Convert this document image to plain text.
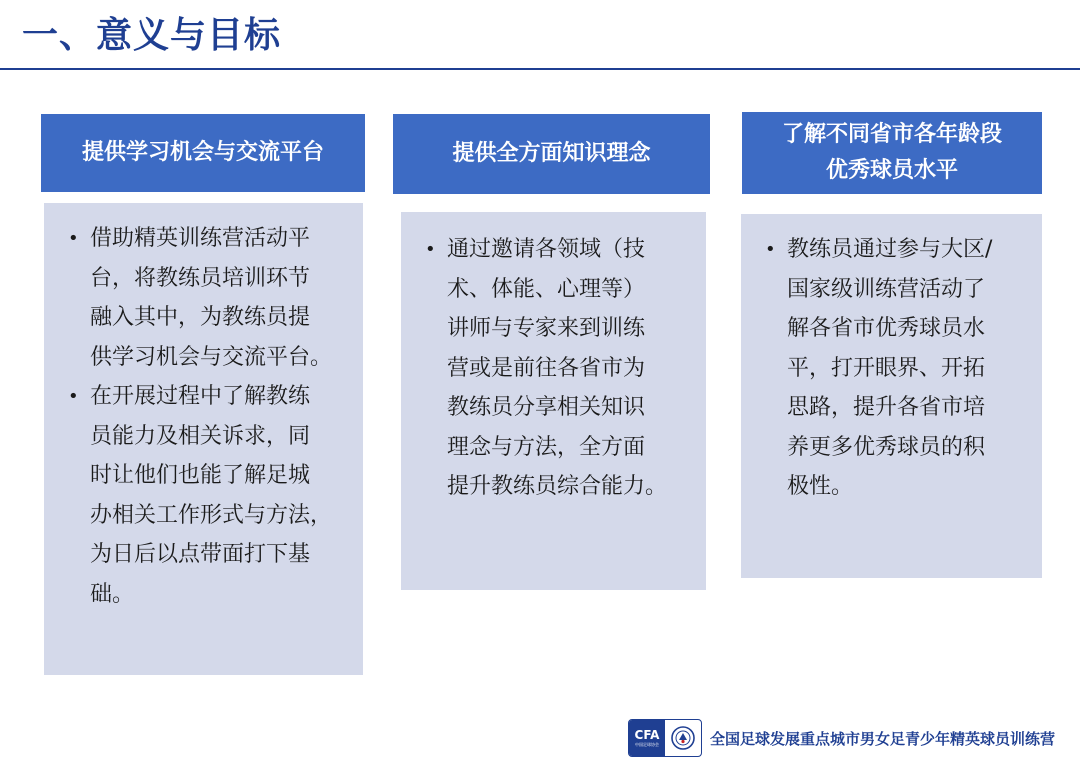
一、意义与目标
提供学习机会与交流平台
• 借助精英训练营活动平
台，将教练员培训环节
融入其中，为教练员提
供学习机会与交流平台。
• 在开展过程中了解教练
员能力及相关诉求，同
时让他们也能了解足城
办相关工作形式与方法，
为日后以点带面打下基
础。
提供全方面知识理念
• 通过邀请各领域（技
术、体能、心理等）
讲师与专家来到训练
营或是前往各省市为
教练员分享相关知识
理念与方法，全方面
提升教练员综合能力。
了解不同省市各年龄段
优秀球员水平
• 教练员通过参与大区/
国家级训练营活动了
解各省市优秀球员水
平，打开眼界、开拓
思路，提升各省市培
养更多优秀球员的积
极性。
CFA
中国足球协会	全国足球发展重点城市男女足青少年精英球员训练营
